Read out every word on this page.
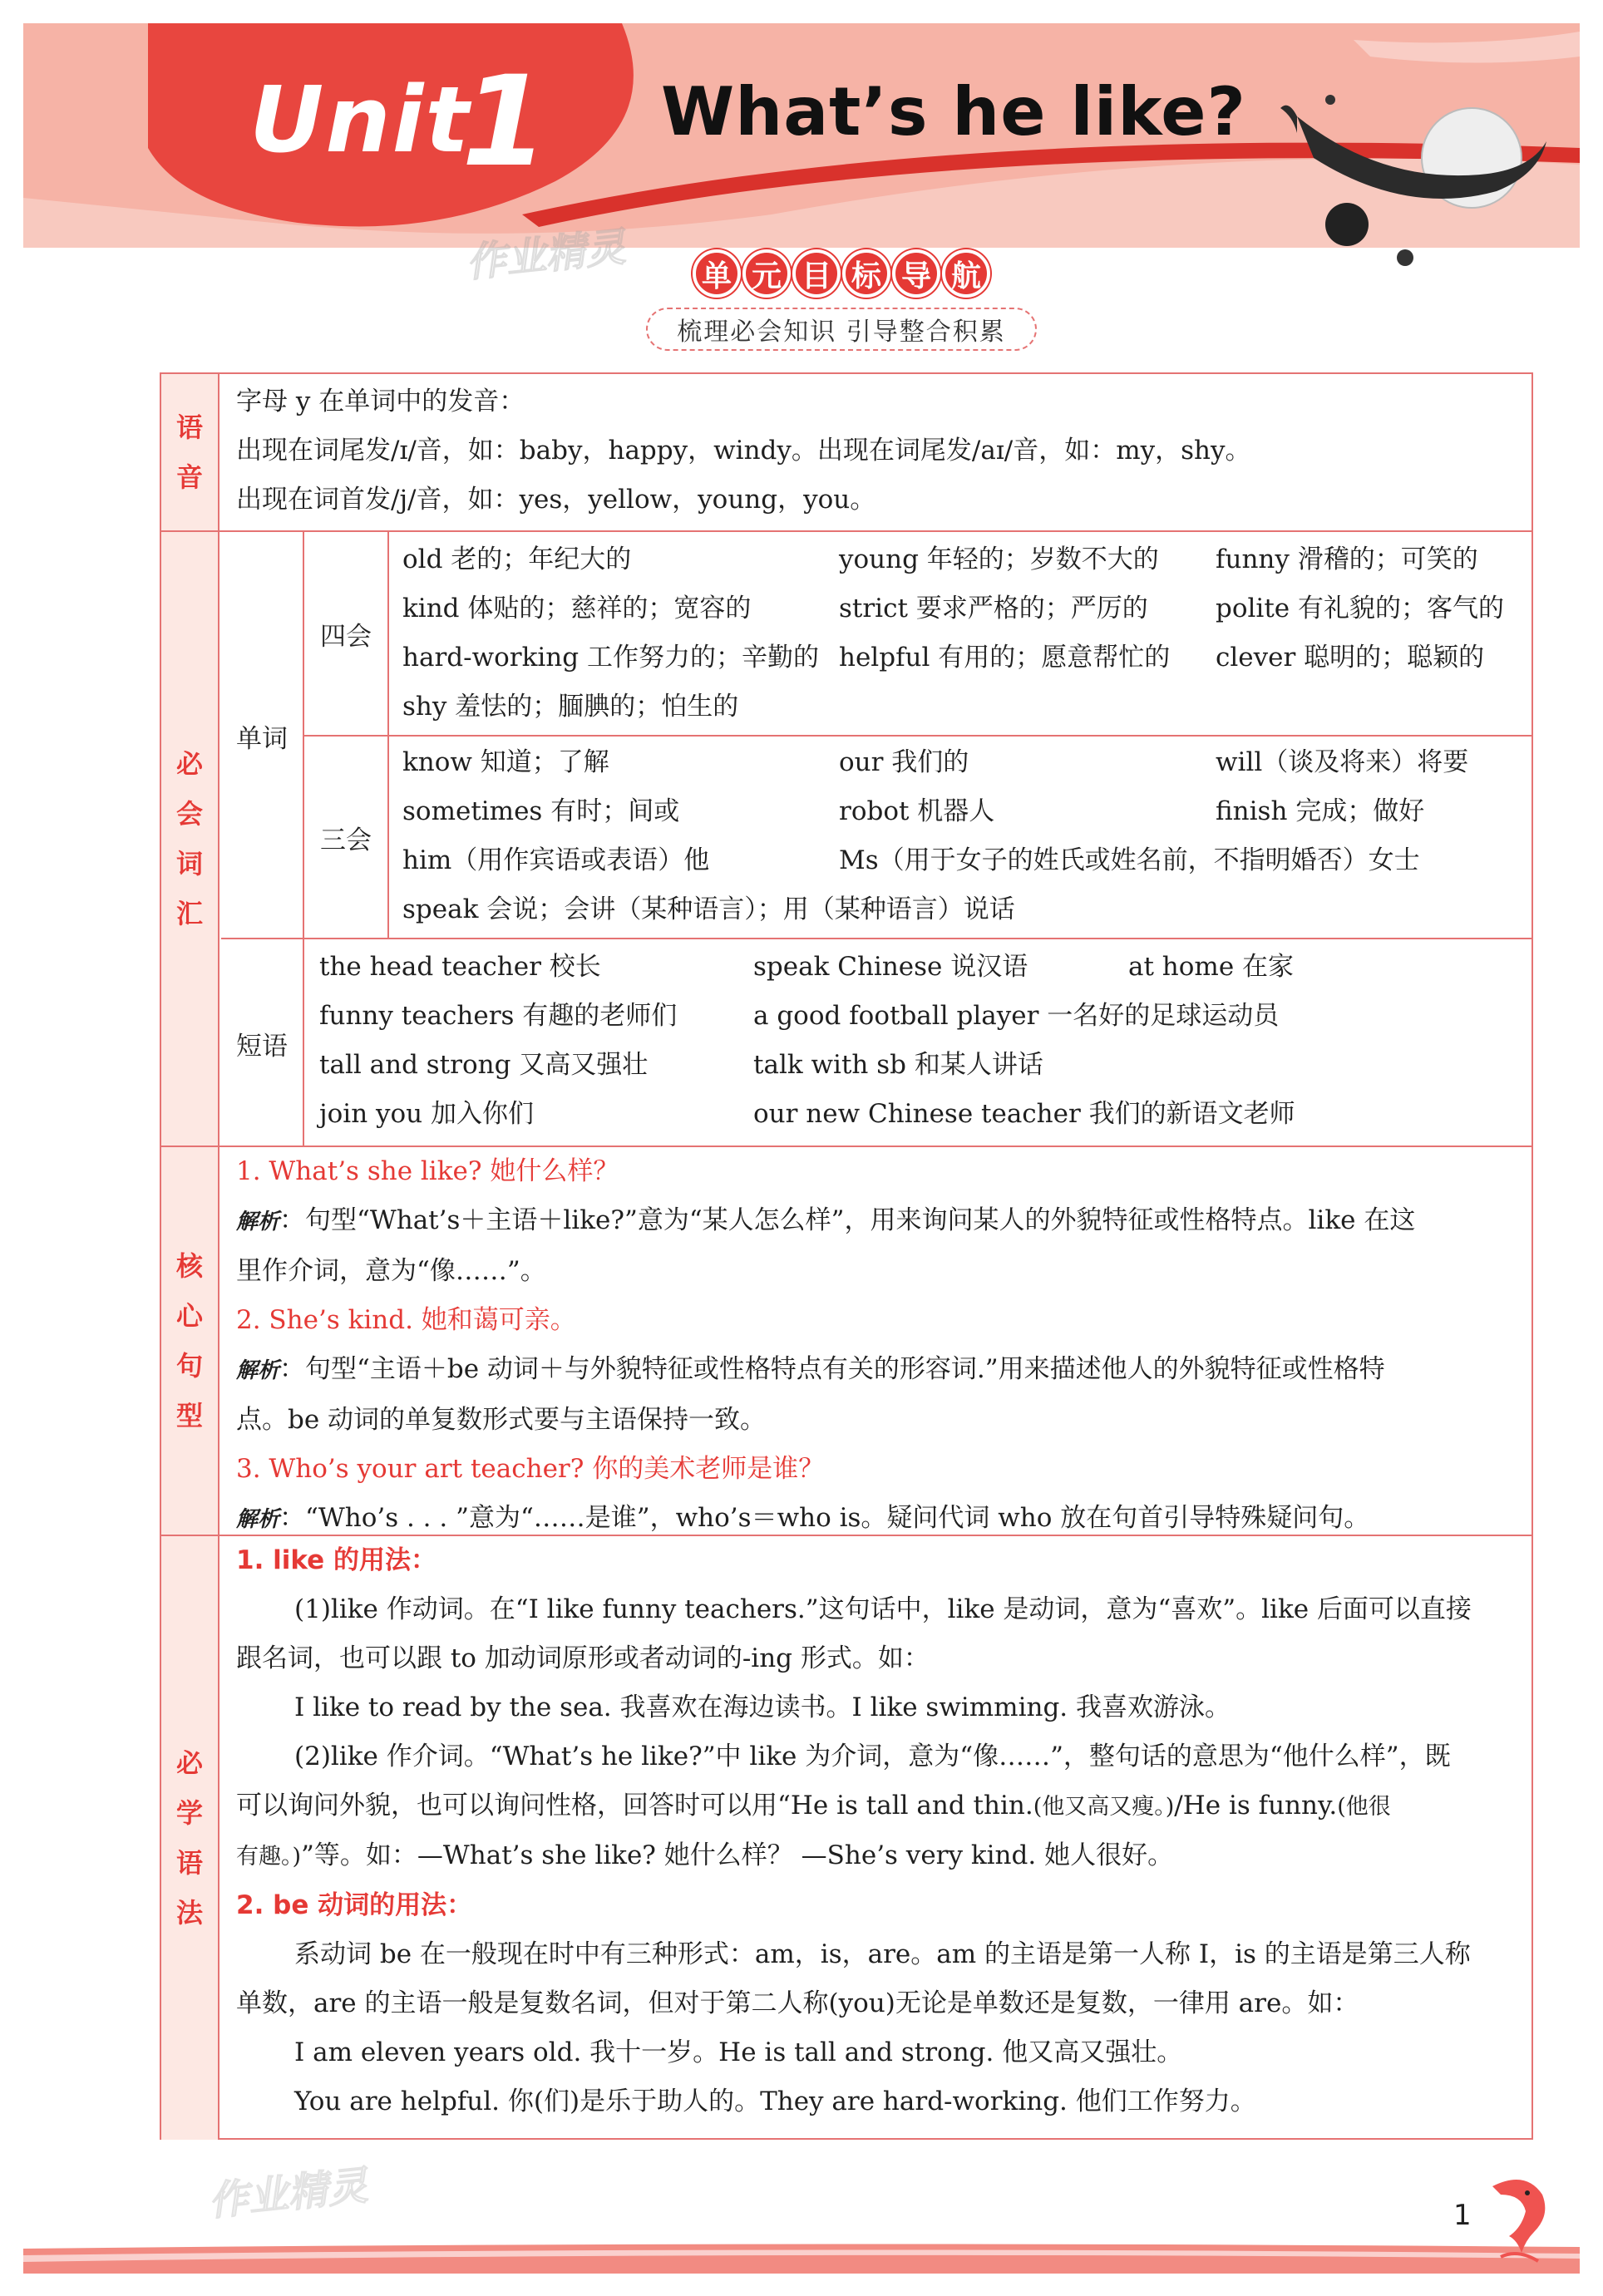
Unit
1 What’s he like?
作业精灵	单 元 目 标 导 航
梳理必会知识 引导整合积累
语
音

字母 y 在单词中的发音：

出现在词尾发/ɪ/音，如：baby，happy，windy。出现在词尾发/aɪ/音，如：my，shy。

出现在词首发/j/音，如：yes，yellow，young，you。

必
会
词
汇
单词
四会
三会

old 老的；年纪大的

kind 体贴的；慈祥的；宽容的

hard-working 工作努力的；辛勤的

shy 羞怯的；腼腆的；怕生的

young 年轻的；岁数不大的

strict 要求严格的；严厉的

helpful 有用的；愿意帮忙的

funny 滑稽的；可笑的

polite 有礼貌的；客气的

clever 聪明的；聪颖的

know 知道；了解

sometimes 有时；间或

him（用作宾语或表语）他

speak 会说；会讲（某种语言）；用（某种语言）说话

our 我们的

robot 机器人

Ms（用于女子的姓氏或姓名前，不指明婚否）女士

will（谈及将来）将要

finish 完成；做好

短语

the head teacher 校长

funny teachers 有趣的老师们

tall and strong 又高又强壮

join you 加入你们

speak Chinese 说汉语

a good football player 一名好的足球运动员

talk with sb 和某人讲话

our new Chinese teacher 我们的新语文老师

at home 在家

核
心
句
型

1. What’s she like? 她什么样？

解析：句型“What’s＋主语＋like?”意为“某人怎么样”，用来询问某人的外貌特征或性格特点。like 在这

里作介词，意为“像……”。

2. She’s kind. 她和蔼可亲。

解析：句型“主语＋be 动词＋与外貌特征或性格特点有关的形容词.”用来描述他人的外貌特征或性格特

点。be 动词的单复数形式要与主语保持一致。

3. Who’s your art teacher? 你的美术老师是谁？

解析：“Who’s . . . ”意为“……是谁”，who’s＝who is。疑问代词 who 放在句首引导特殊疑问句。

必
学
语
法

1. like 的用法：

(1)like 作动词。在“I like funny teachers.”这句话中，like 是动词，意为“喜欢”。like 后面可以直接

跟名词，也可以跟 to 加动词原形或者动词的-ing 形式。如：

I like to read by the sea. 我喜欢在海边读书。I like swimming. 我喜欢游泳。

(2)like 作介词。“What’s he like?”中 like 为介词，意为“像……”，整句话的意思为“他什么样”，既

可以询问外貌，也可以询问性格，回答时可以用“He is tall and thin.(他又高又瘦。)/He is funny.(他很

有趣。)”等。如：—What’s she like? 她什么样？ —She’s very kind. 她人很好。

2. be 动词的用法：

系动词 be 在一般现在时中有三种形式：am，is，are。am 的主语是第一人称 I，is 的主语是第三人称

单数，are 的主语一般是复数名词，但对于第二人称(you)无论是单数还是复数，一律用 are。如：

I am eleven years old. 我十一岁。He is tall and strong. 他又高又强壮。

You are helpful. 你(们)是乐于助人的。They are hard-working. 他们工作努力。

作业精灵	1
